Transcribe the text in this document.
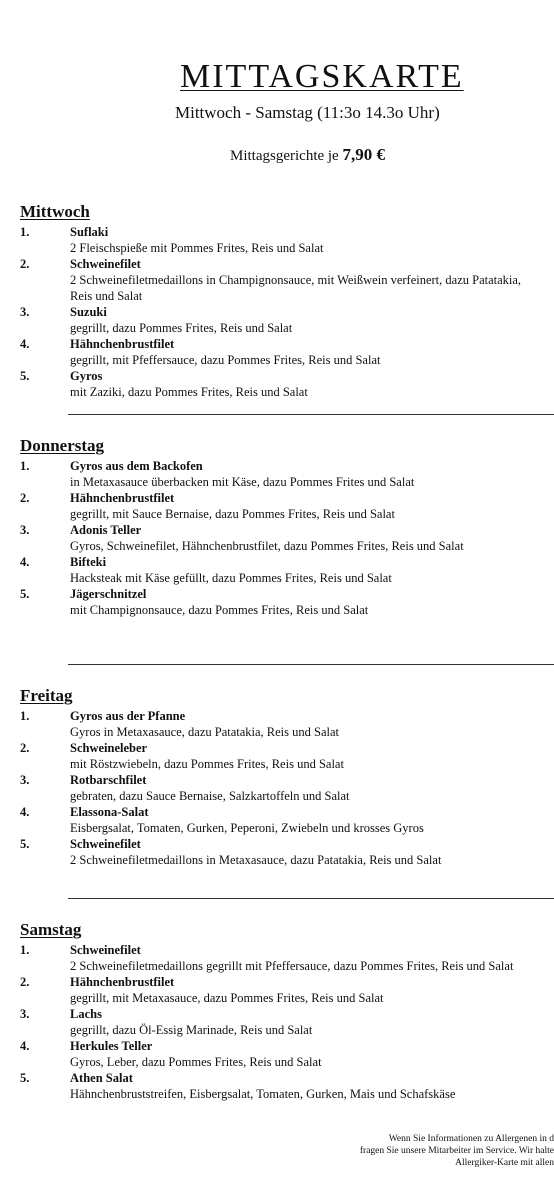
MITTAGSKARTE
Mittwoch - Samstag (11:3o 14.3o Uhr)
Mittagsgerichte je 7,90 €
Mittwoch
1.	Suflaki
2 Fleischspieße mit Pommes Frites, Reis und Salat
2.	Schweinefilet
2 Schweinefiletmedaillons in Champignonsauce, mit Weißwein verfeinert, dazu Patatakia, Reis und Salat
3.	Suzuki
gegrillt, dazu Pommes Frites, Reis und Salat
4.	Hähnchenbrustfilet
gegrillt, mit Pfeffersauce, dazu Pommes Frites, Reis und Salat
5.	Gyros
mit Zaziki, dazu Pommes Frites, Reis und Salat
Donnerstag
1.	Gyros aus dem Backofen
in Metaxasauce überbacken mit Käse, dazu Pommes Frites und Salat
2.	Hähnchenbrustfilet
gegrillt, mit Sauce Bernaise, dazu Pommes Frites, Reis und Salat
3.	Adonis Teller
Gyros, Schweinefilet, Hähnchenbrustfilet, dazu Pommes Frites, Reis und Salat
4.	Bifteki
Hacksteak mit Käse gefüllt, dazu Pommes Frites, Reis und Salat
5.	Jägerschnitzel
mit Champignonsauce, dazu Pommes Frites, Reis und Salat
Freitag
1.	Gyros aus der Pfanne
Gyros in Metaxasauce, dazu Patatakia, Reis und Salat
2.	Schweineleber
mit Röstzwiebeln, dazu Pommes Frites, Reis und Salat
3.	Rotbarschfilet
gebraten, dazu Sauce Bernaise, Salzkartoffeln und Salat
4.	Elassona-Salat
Eisbergsalat, Tomaten, Gurken, Peperoni, Zwiebeln und krosses Gyros
5.	Schweinefilet
2 Schweinefiletmedaillons in Metaxasauce, dazu Patatakia, Reis und Salat
Samstag
1.	Schweinefilet
2 Schweinefiletmedaillons gegrillt mit Pfeffersauce, dazu Pommes Frites, Reis und Salat
2.	Hähnchenbrustfilet
gegrillt, mit Metaxasauce, dazu Pommes Frites, Reis und Salat
3.	Lachs
gegrillt, dazu Öl-Essig Marinade, Reis und Salat
4.	Herkules Teller
Gyros, Leber, dazu Pommes Frites, Reis und Salat
5.	Athen Salat
Hähnchenbruststreifen, Eisbergsalat, Tomaten, Gurken, Mais und Schafskäse
Wenn Sie Informationen zu Allergenen in d
fragen Sie unsere Mitarbeiter im Service. Wir halte
Allergiker-Karte mit allen
